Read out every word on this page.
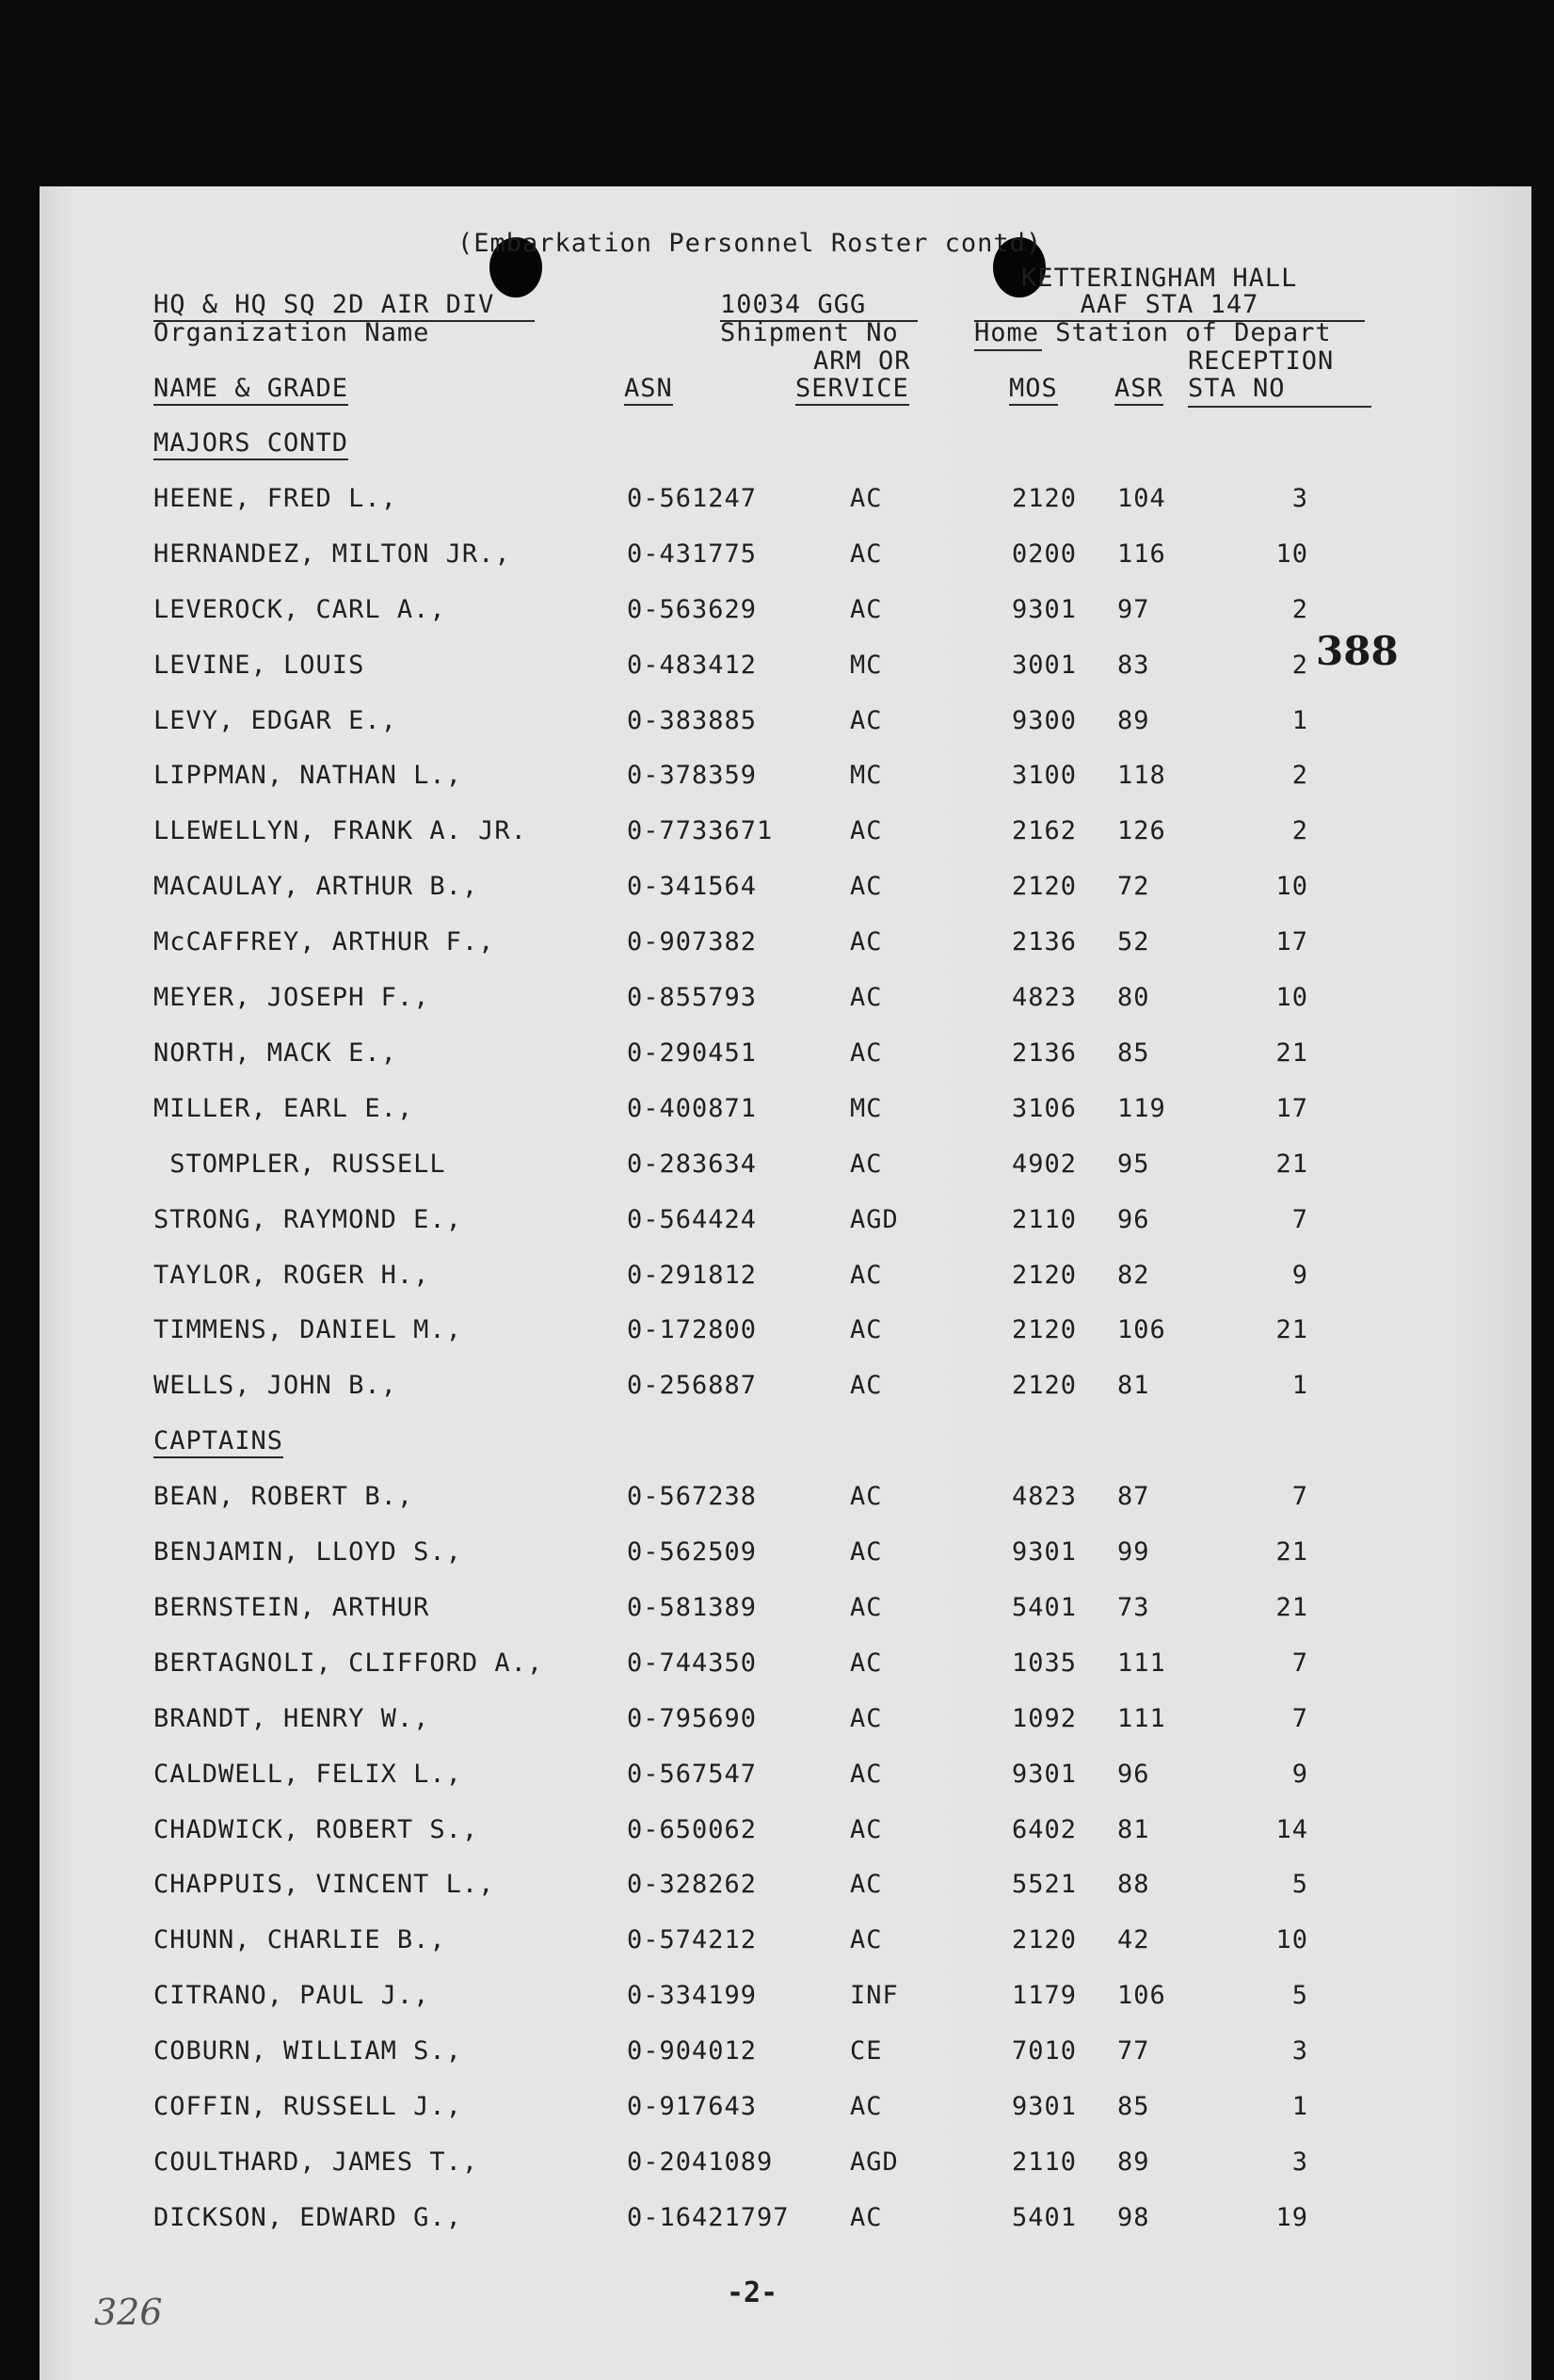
(Embarkation Personnel Roster contd)
HQ & HQ SQ 2D AIR DIV
Organization Name
10034 GGG
Shipment No
KETTERINGHAM HALL
AAF STA 147
Home Station of Depart
ARM OR	RECEPTION
NAME & GRADE	ASN	SERVICE	MOS ASR STA NO
MAJORS CONTD
HEENE, FRED L.,	0-561247	AC	2120 104	3
HERNANDEZ, MILTON JR.,	0-431775	AC	0200 116	10
LEVEROCK, CARL A.,	0-563629	AC	9301 97	2
LEVINE, LOUIS	0-483412	MC	3001 83	2
LEVY, EDGAR E.,	0-383885	AC	9300 89	1
LIPPMAN, NATHAN L.,	0-378359	MC	3100 118	2
LLEWELLYN, FRANK A. JR.	0-7733671	AC	2162 126	2
MACAULAY, ARTHUR B.,	0-341564	AC	2120 72	10
McCAFFREY, ARTHUR F.,	0-907382	AC	2136 52	17
MEYER, JOSEPH F.,	0-855793	AC	4823 80	10
NORTH, MACK E.,	0-290451	AC	2136 85	21
MILLER, EARL E.,	0-400871	MC	3106 119	17
STOMPLER, RUSSELL	0-283634	AC	4902 95	21
STRONG, RAYMOND E.,	0-564424	AGD	2110 96	7
TAYLOR, ROGER H.,	0-291812	AC	2120 82	9
TIMMENS, DANIEL M.,	0-172800	AC	2120 106	21
WELLS, JOHN B.,	0-256887	AC	2120 81	1
CAPTAINS
BEAN, ROBERT B.,	0-567238	AC	4823 87	7
BENJAMIN, LLOYD S.,	0-562509	AC	9301 99	21
BERNSTEIN, ARTHUR	0-581389	AC	5401 73	21
BERTAGNOLI, CLIFFORD A.,	0-744350	AC	1035 111	7
BRANDT, HENRY W.,	0-795690	AC	1092 111	7
CALDWELL, FELIX L.,	0-567547	AC	9301 96	9
CHADWICK, ROBERT S.,	0-650062	AC	6402 81	14
CHAPPUIS, VINCENT L.,	0-328262	AC	5521 88	5
CHUNN, CHARLIE B.,	0-574212	AC	2120 42	10
CITRANO, PAUL J.,	0-334199	INF	1179 106	5
COBURN, WILLIAM S.,	0-904012	CE	7010 77	3
COFFIN, RUSSELL J.,	0-917643	AC	9301 85	1
COULTHARD, JAMES T.,	0-2041089	AGD	2110 89	3
DICKSON, EDWARD G.,	0-16421797 AC	5401 98	19
388
-2-
326
